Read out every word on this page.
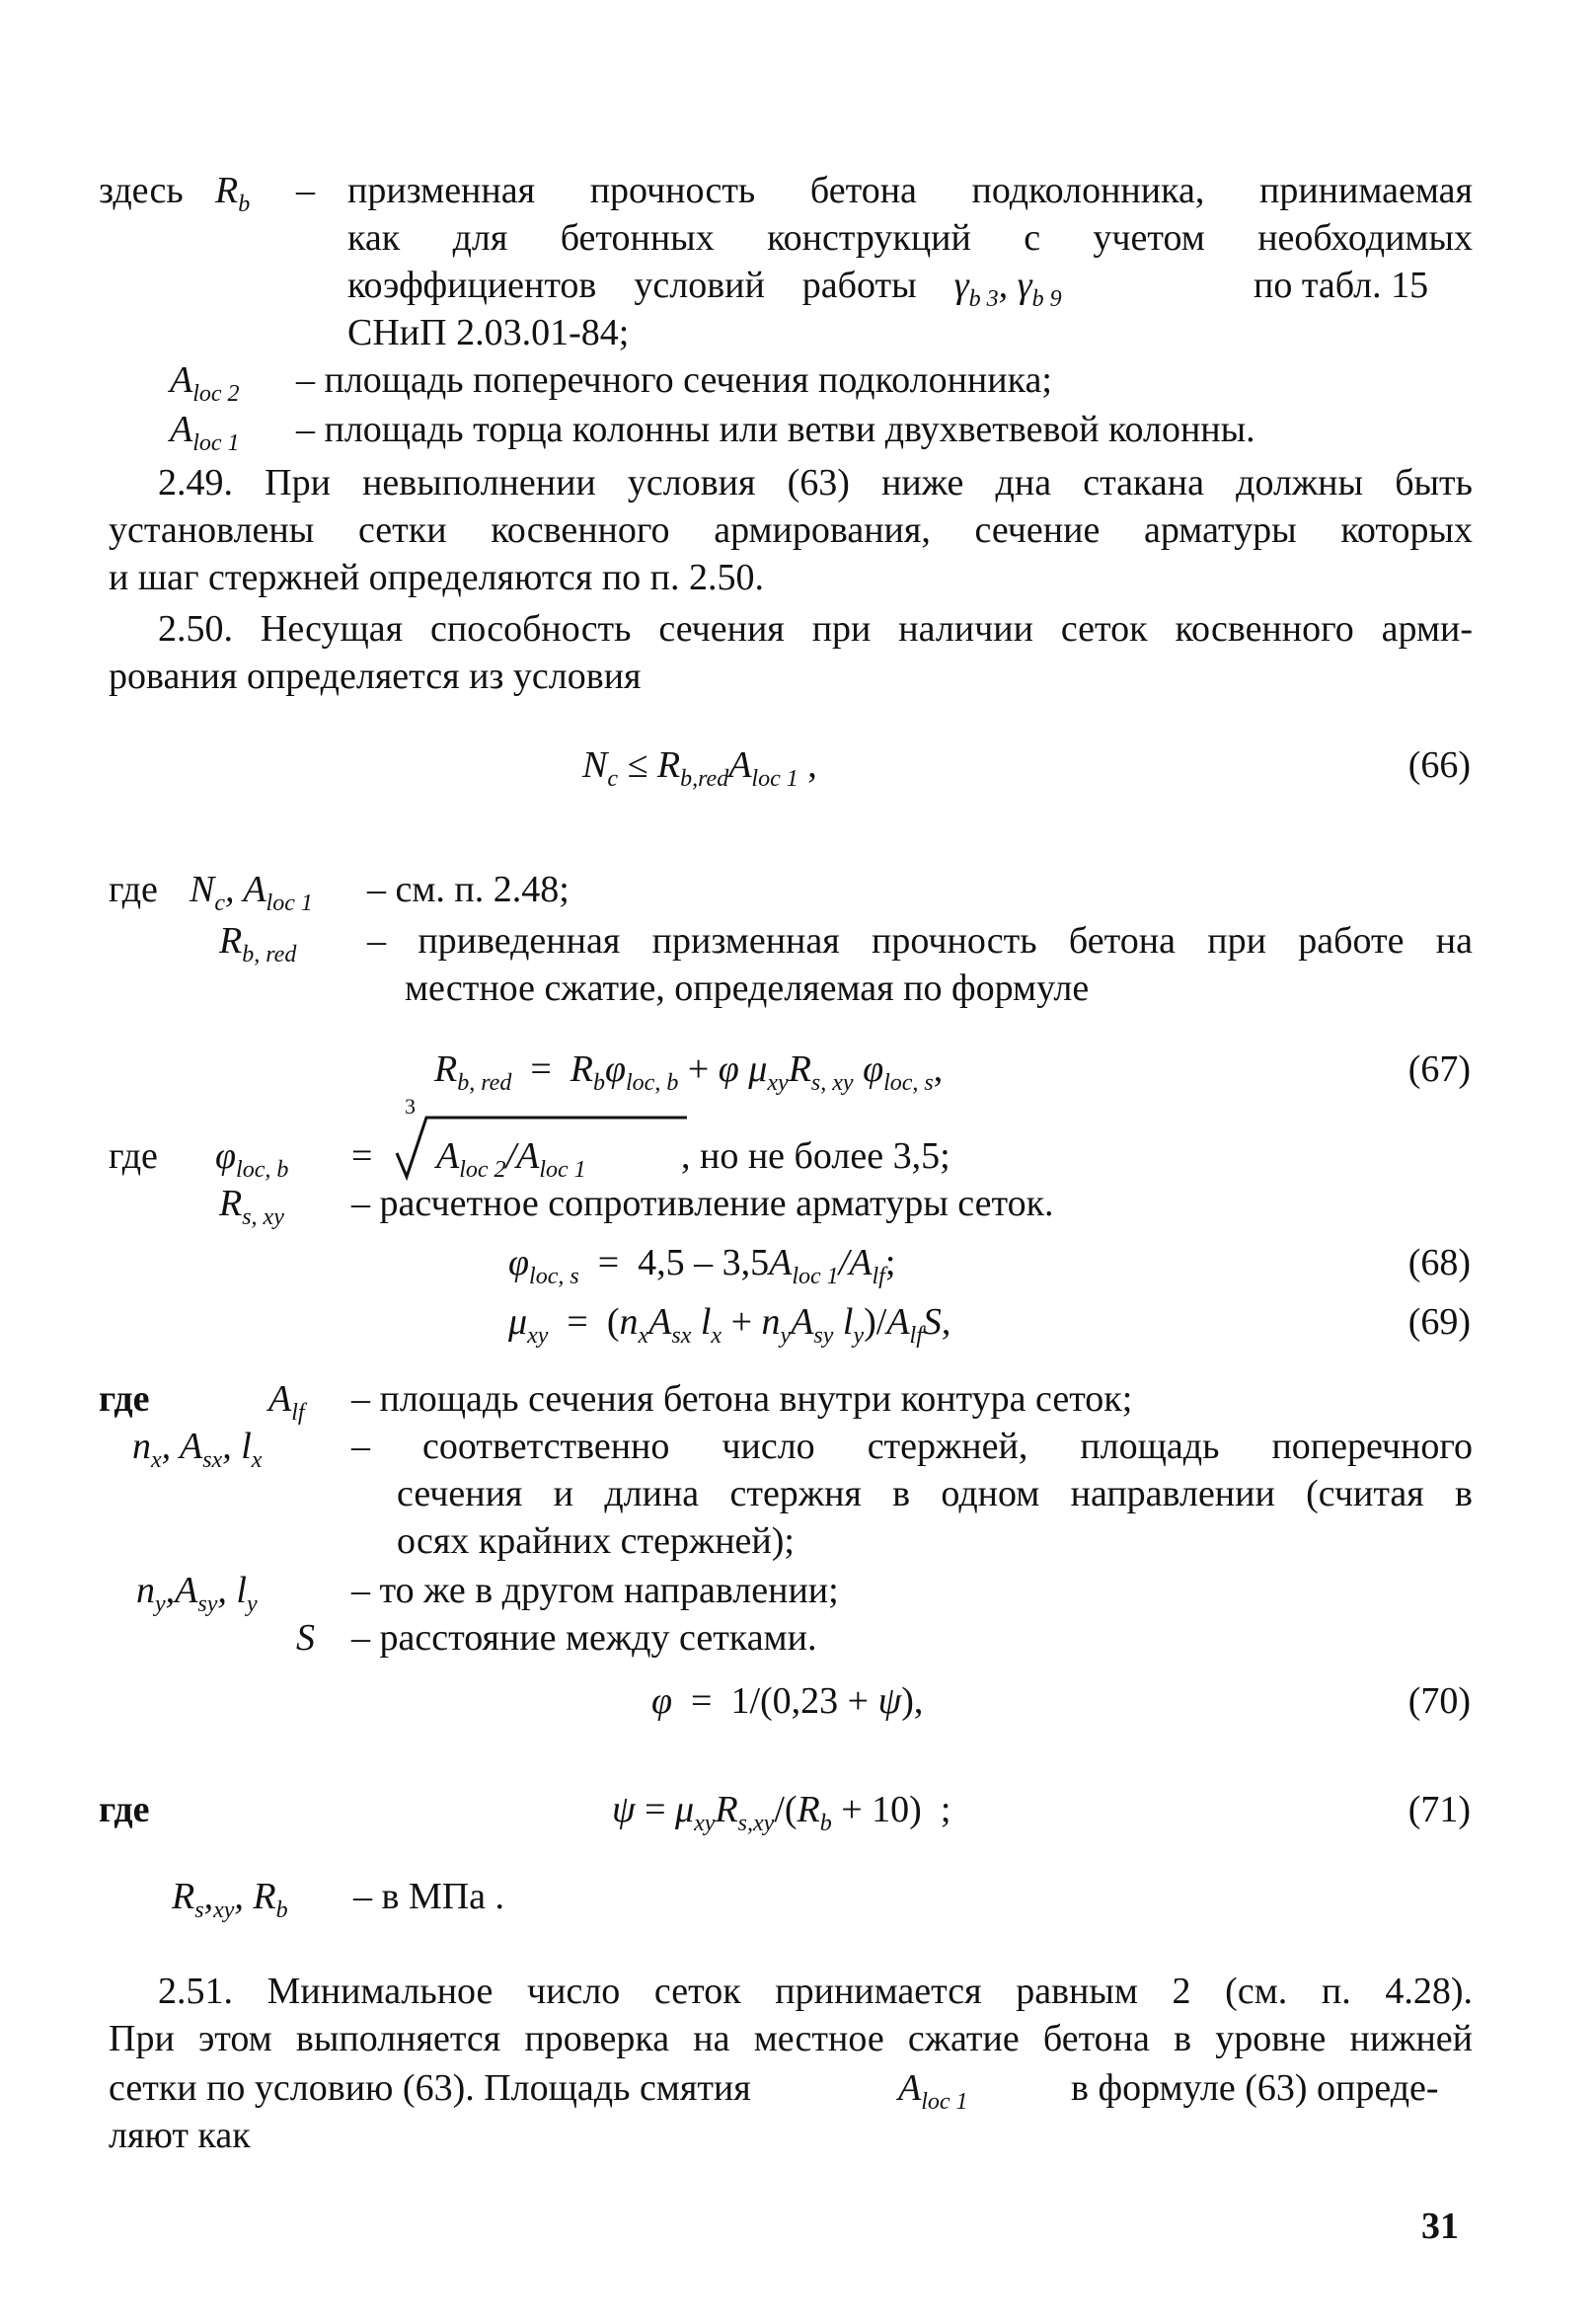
здесь $R_b$ – призменная прочность бетона подколонника, принимаемая
как для бетонных конструкций с учетом необходимых
коэффициентов    условий    работы    $\gamma_{b 3}$, $\gamma_{b 9}$	по табл. 15
СНиП 2.03.01-84;
$A_{loc 2}$ – площадь поперечного сечения подколонника;
$A_{loc 1}$ – площадь торца колонны или ветви двухветвевой колонны.
2.49. При невыполнении условия (63) ниже дна стакана должны быть
установлены сетки косвенного армирования, сечение арматуры которых
и шаг стержней определяются по п. 2.50.
2.50. Несущая способность сечения при наличии сеток косвенного арми-
рования определяется из условия
$N_c \le R_{b,red}A_{loc 1}$ ,	(66)
где $N_c$, $A_{loc 1}$ – см. п. 2.48;
$R_{b, red}$ – приведенная призменная прочность бетона при работе на
местное сжатие, определяемая по формуле
$R_{b, red} = R_b\varphi_{loc, b} + \varphi$ $\mu_{xy}R_{s, xy}$ $\varphi_{loc, s}$,	(67)
где $\varphi_{loc, b}$ =
3
$A_{loc 2}/A_{loc 1}$	, но не более 3,5;
$R_{s, xy}$ – расчетное сопротивление арматуры сеток.
$\varphi_{loc, s} = 4,5 - 3,5A_{loc 1}/A_{lf}$;	(68)
$\mu_{xy} = (n_xA_{sx}$ $l_x + n_yA_{sy}$ $l_y)/A_{lf}S$,	(69)
где	$A_{lf}$ – площадь сечения бетона внутри контура сеток;
$n_x$, $A_{sx}$, $l_x$ – соответственно число стержней, площадь поперечного
сечения и длина стержня в одном направлении (считая в
осях крайних стержней);
$n_y,A_{sy}$, $l_y$	– то же в другом направлении;
S – расстояние между сетками.
φ  =  1/(0,23 + ψ),	(70)
где	$\psi = \mu_{xy}R_{s,xy}/(R_b + 10)$  ;	(71)
$R_s,_{xy}$, $R_b$ – в МПа .
2.51. Минимальное число сеток принимается равным 2 (см. п. 4.28).
При этом выполняется проверка на местное сжатие бетона в уровне нижней
сетки по условию (63). Площадь смятия	$A_{loc 1}$	в формуле (63) опреде-
ляют как
31
